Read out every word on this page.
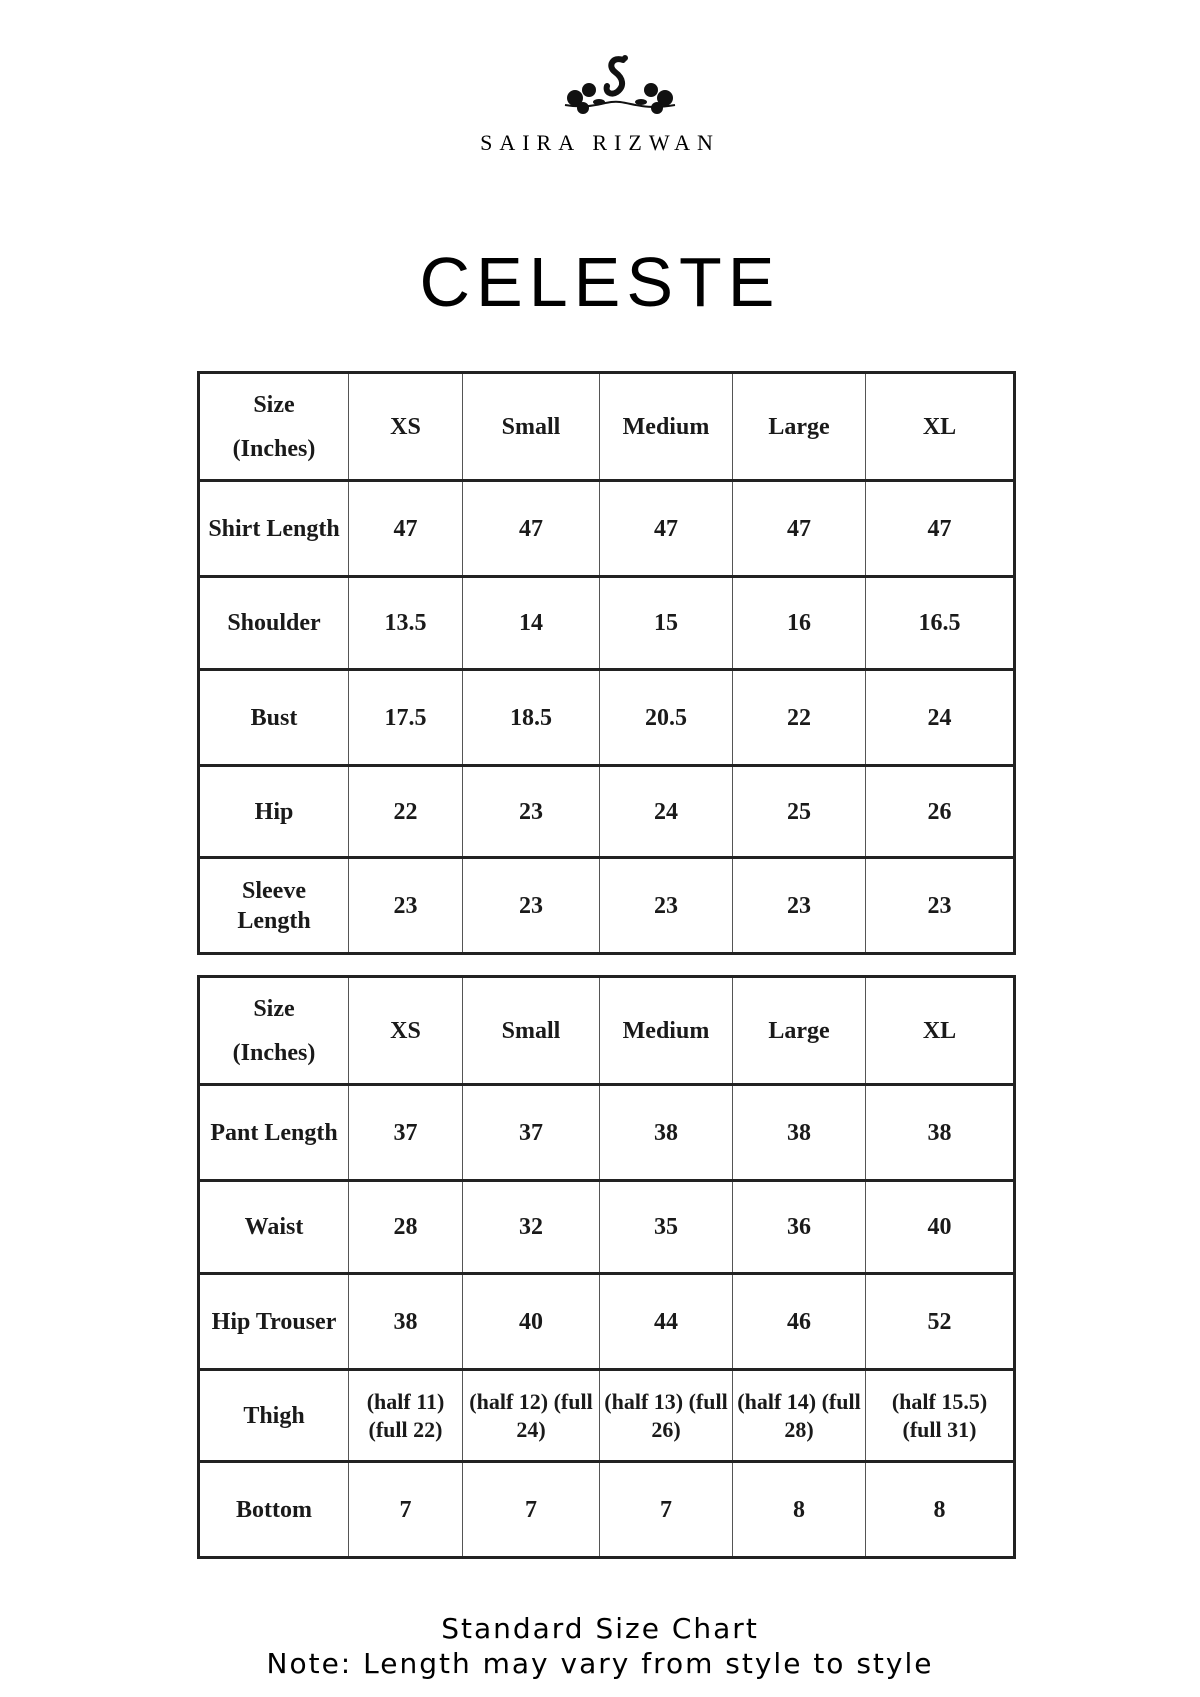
SAIRA RIZWAN
CELESTE
Size
(Inches)	XS	Small	Medium	Large	XL
Shirt Length	47	47	47	47	47
Shoulder	13.5	14	15	16	16.5
Bust	17.5	18.5	20.5	22	24
Hip	22	23	24	25	26
Sleeve Length	23	23	23	23	23
Size
(Inches)	XS	Small	Medium	Large	XL
Pant Length	37	37	38	38	38
Waist	28	32	35	36	40
Hip Trouser	38	40	44	46	52
Thigh	(half 11) (full 22)	(half 12) (full 24)	(half 13) (full 26)	(half 14) (full 28)	(half 15.5) (full 31)
Bottom	7	7	7	8	8
Standard Size Chart
Note: Length may vary from style to style
